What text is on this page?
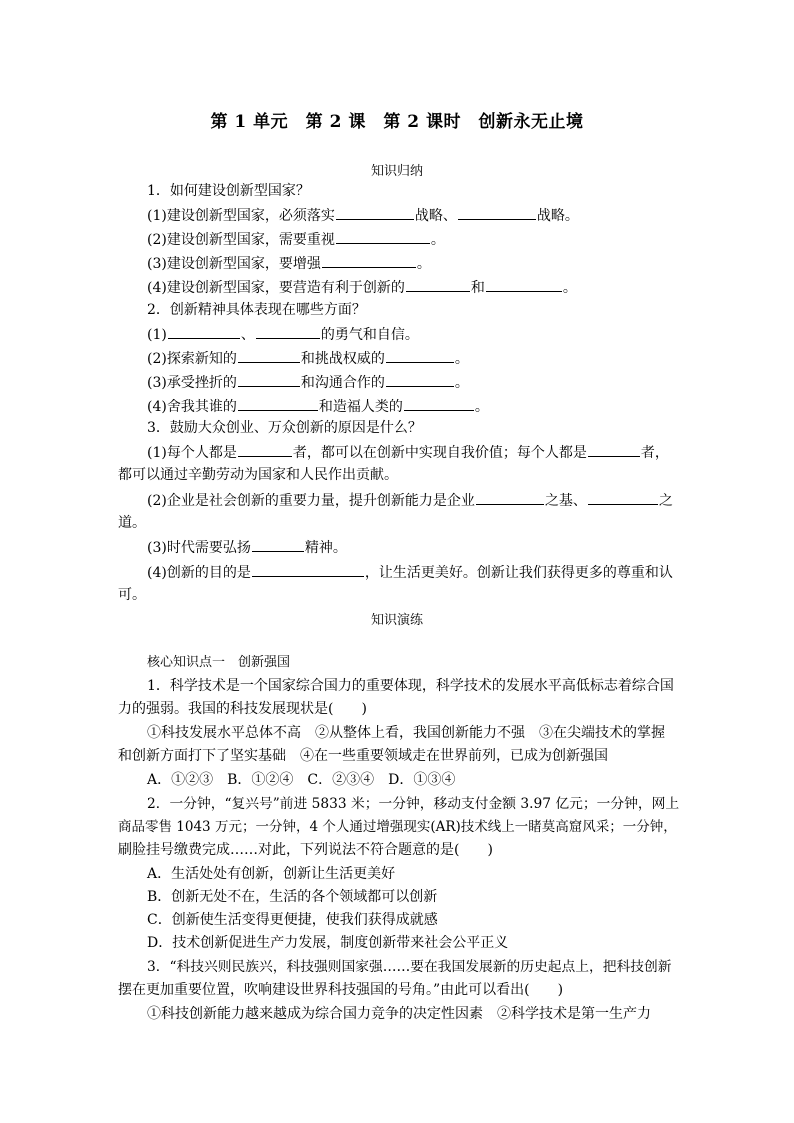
第 1 单元　第 2 课　第 2 课时　创新永无止境
知识归纳
1．如何建设创新型国家？
(1)建设创新型国家，必须落实	战略、	战略。
(2)建设创新型国家，需要重视	。
(3)建设创新型国家，要增强	。
(4)建设创新型国家，要营造有利于创新的	和	。
2．创新精神具体表现在哪些方面？
(1)	、	的勇气和自信。
(2)探索新知的	和挑战权威的	。
(3)承受挫折的	和沟通合作的	。
(4)舍我其谁的	和造福人类的	。
3．鼓励大众创业、万众创新的原因是什么？
(1)每个人都是	者，都可以在创新中实现自我价值；每个人都是	者，
都可以通过辛勤劳动为国家和人民作出贡献。
(2)企业是社会创新的重要力量，提升创新能力是企业	之基、	之
道。
(3)时代需要弘扬	精神。
(4)创新的目的是	，让生活更美好。创新让我们获得更多的尊重和认
可。
知识演练
核心知识点一　创新强国
1．科学技术是一个国家综合国力的重要体现，科学技术的发展水平高低标志着综合国
力的强弱。我国的科技发展现状是(　　)
①科技发展水平总体不高　②从整体上看，我国创新能力不强　③在尖端技术的掌握
和创新方面打下了坚实基础　④在一些重要领域走在世界前列，已成为创新强国
A．①②③　B．①②④　C．②③④　D．①③④
2．一分钟，“复兴号”前进 5833 米；一分钟，移动支付金额 3.97 亿元；一分钟，网上
商品零售 1043 万元；一分钟，4 个人通过增强现实(AR)技术线上一睹莫高窟风采；一分钟，
刷脸挂号缴费完成……对此，下列说法不符合题意的是(　　)
A．生活处处有创新，创新让生活更美好
B．创新无处不在，生活的各个领域都可以创新
C．创新使生活变得更便捷，使我们获得成就感
D．技术创新促进生产力发展，制度创新带来社会公平正义
3．“科技兴则民族兴，科技强则国家强……要在我国发展新的历史起点上，把科技创新
摆在更加重要位置，吹响建设世界科技强国的号角。”由此可以看出(　　)
①科技创新能力越来越成为综合国力竞争的决定性因素　②科学技术是第一生产力
